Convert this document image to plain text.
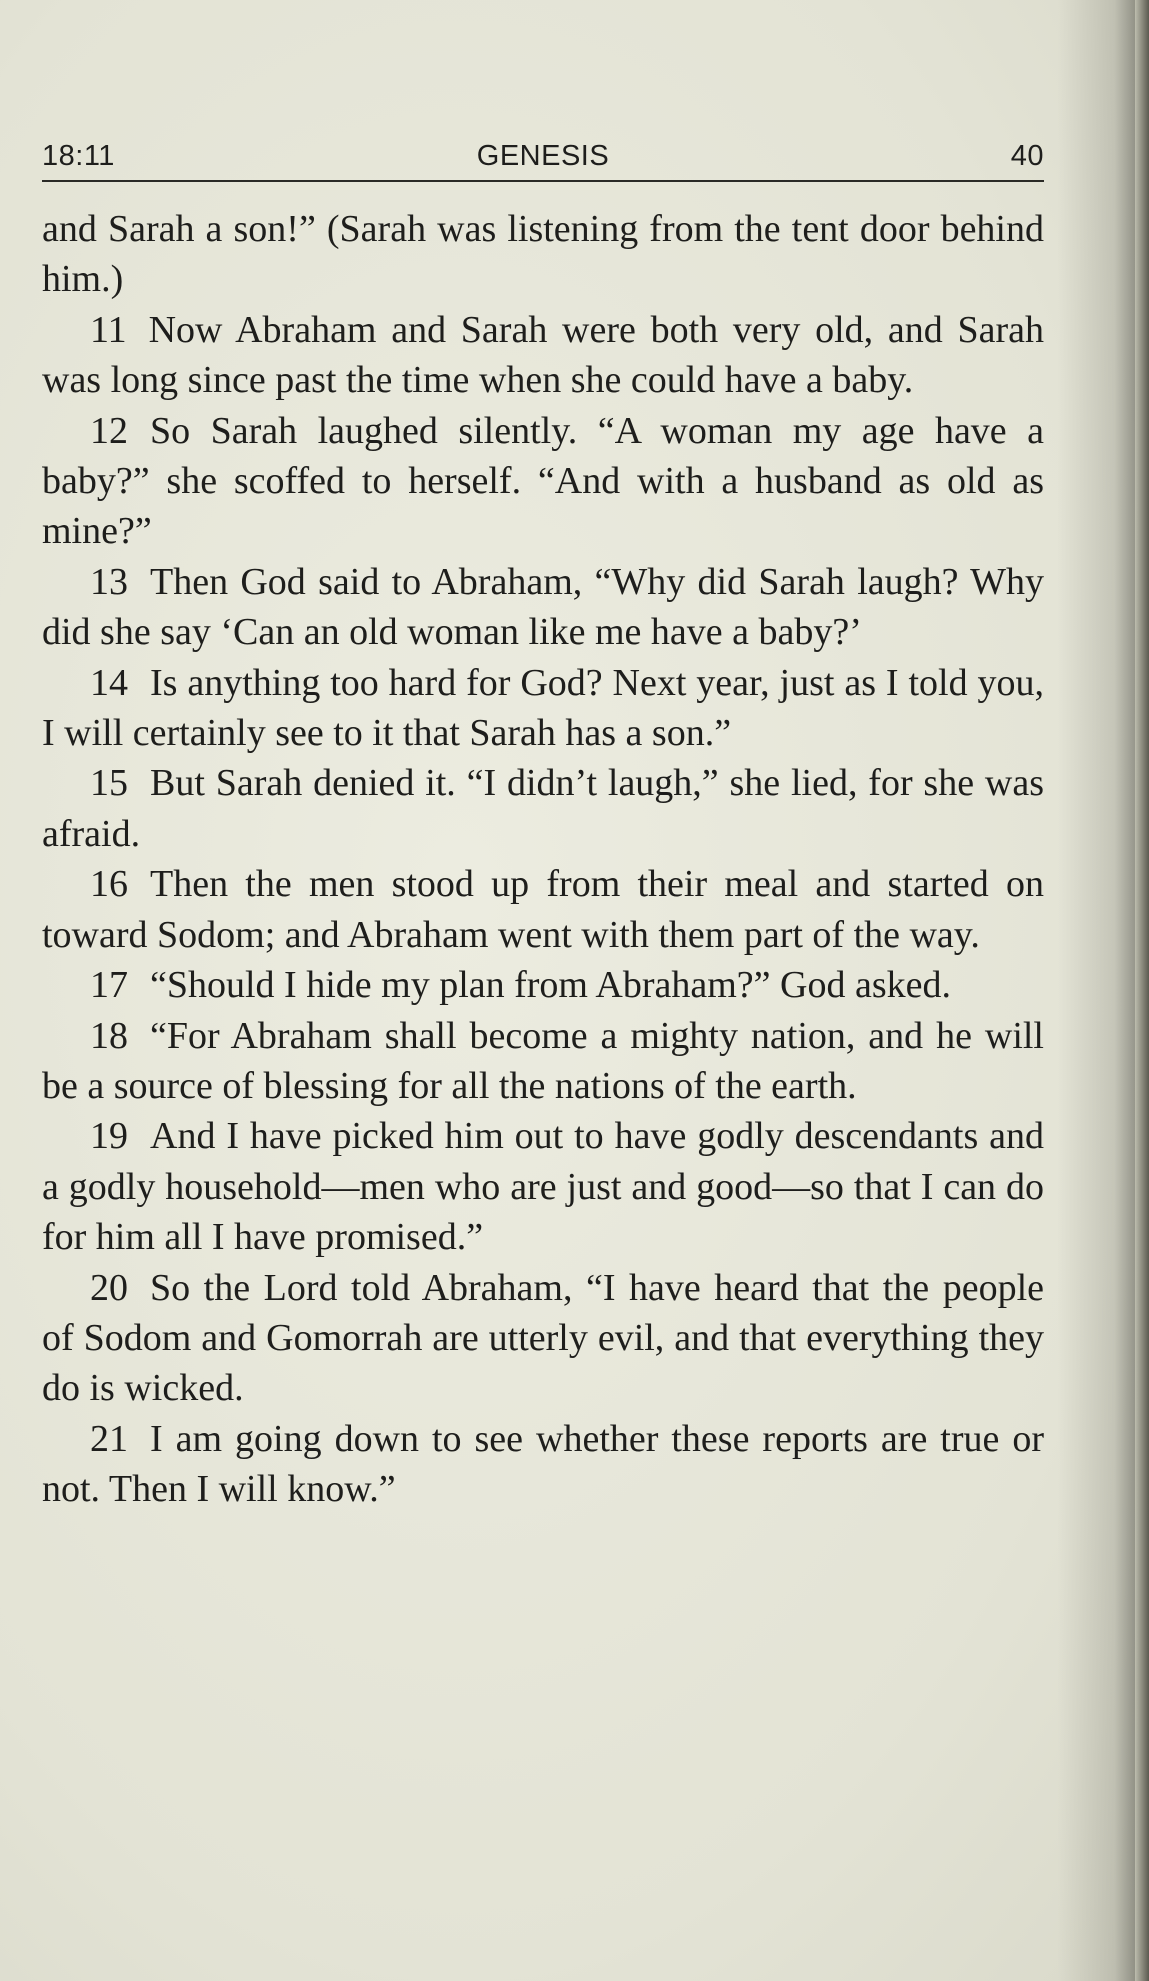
18:11	GENESIS	40

and Sarah a son!” (Sarah was listening from the tent door behind him.)

11 Now Abraham and Sarah were both very old, and Sarah was long since past the time when she could have a baby.

12 So Sarah laughed silently. “A woman my age have a baby?” she scoffed to herself. “And with a husband as old as mine?”

13 Then God said to Abraham, “Why did Sarah laugh? Why did she say ‘Can an old woman like me have a baby?’

14 Is anything too hard for God? Next year, just as I told you, I will certainly see to it that Sarah has a son.”

15 But Sarah denied it. “I didn’t laugh,” she lied, for she was afraid.

16 Then the men stood up from their meal and started on toward Sodom; and Abraham went with them part of the way.

17 “Should I hide my plan from Abraham?” God asked.

18 “For Abraham shall become a mighty nation, and he will be a source of blessing for all the nations of the earth.

19 And I have picked him out to have godly descendants and a godly household—men who are just and good—so that I can do for him all I have promised.”

20 So the Lord told Abraham, “I have heard that the people of Sodom and Gomorrah are utterly evil, and that everything they do is wicked.

21 I am going down to see whether these reports are true or not. Then I will know.”
